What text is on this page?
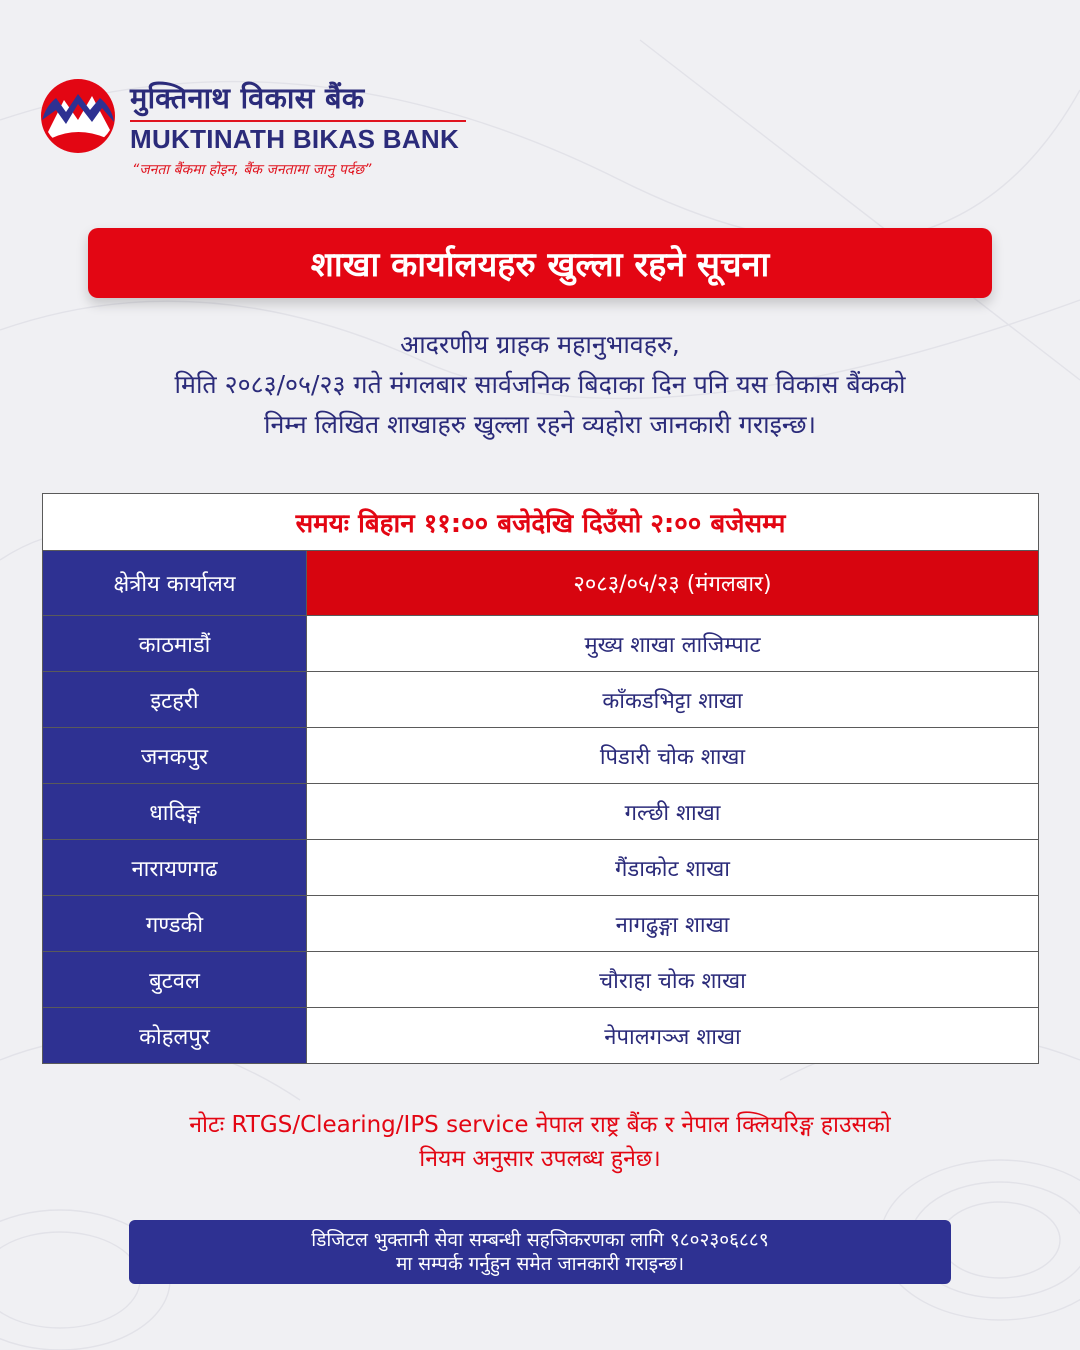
मुक्तिनाथ विकास बैंक
MUKTINATH BIKAS BANK
“जनता बैंकमा होइन, बैंक जनतामा जानु पर्दछ”
शाखा कार्यालयहरु खुल्ला रहने सूचना

आदरणीय ग्राहक महानुभावहरु,

मिति २०८३/०५/२३ गते मंगलबार सार्वजनिक बिदाका दिन पनि यस विकास बैंकको

निम्न लिखित शाखाहरु खुल्ला रहने व्यहोरा जानकारी गराइन्छ।

समयः बिहान ११:०० बजेदेखि दिउँसो २:०० बजेसम्म
क्षेत्रीय कार्यालय	२०८३/०५/२३ (मंगलबार)
काठमाडौं	मुख्य शाखा लाजिम्पाट
इटहरी	काँकडभिट्टा शाखा
जनकपुर	पिडारी चोक शाखा
धादिङ्ग	गल्छी शाखा
नारायणगढ	गैंडाकोट शाखा
गण्डकी	नागढुङ्गा शाखा
बुटवल	चौराहा चोक शाखा
कोहलपुर	नेपालगञ्ज शाखा

नोटः RTGS/Clearing/IPS service नेपाल राष्ट्र बैंक र नेपाल क्लियरिङ्ग हाउसको

नियम अनुसार उपलब्ध हुनेछ।

डिजिटल भुक्तानी सेवा सम्बन्धी सहजिकरणका लागि ९८०२३०६८८९
मा सम्पर्क गर्नुहुन समेत जानकारी गराइन्छ।
